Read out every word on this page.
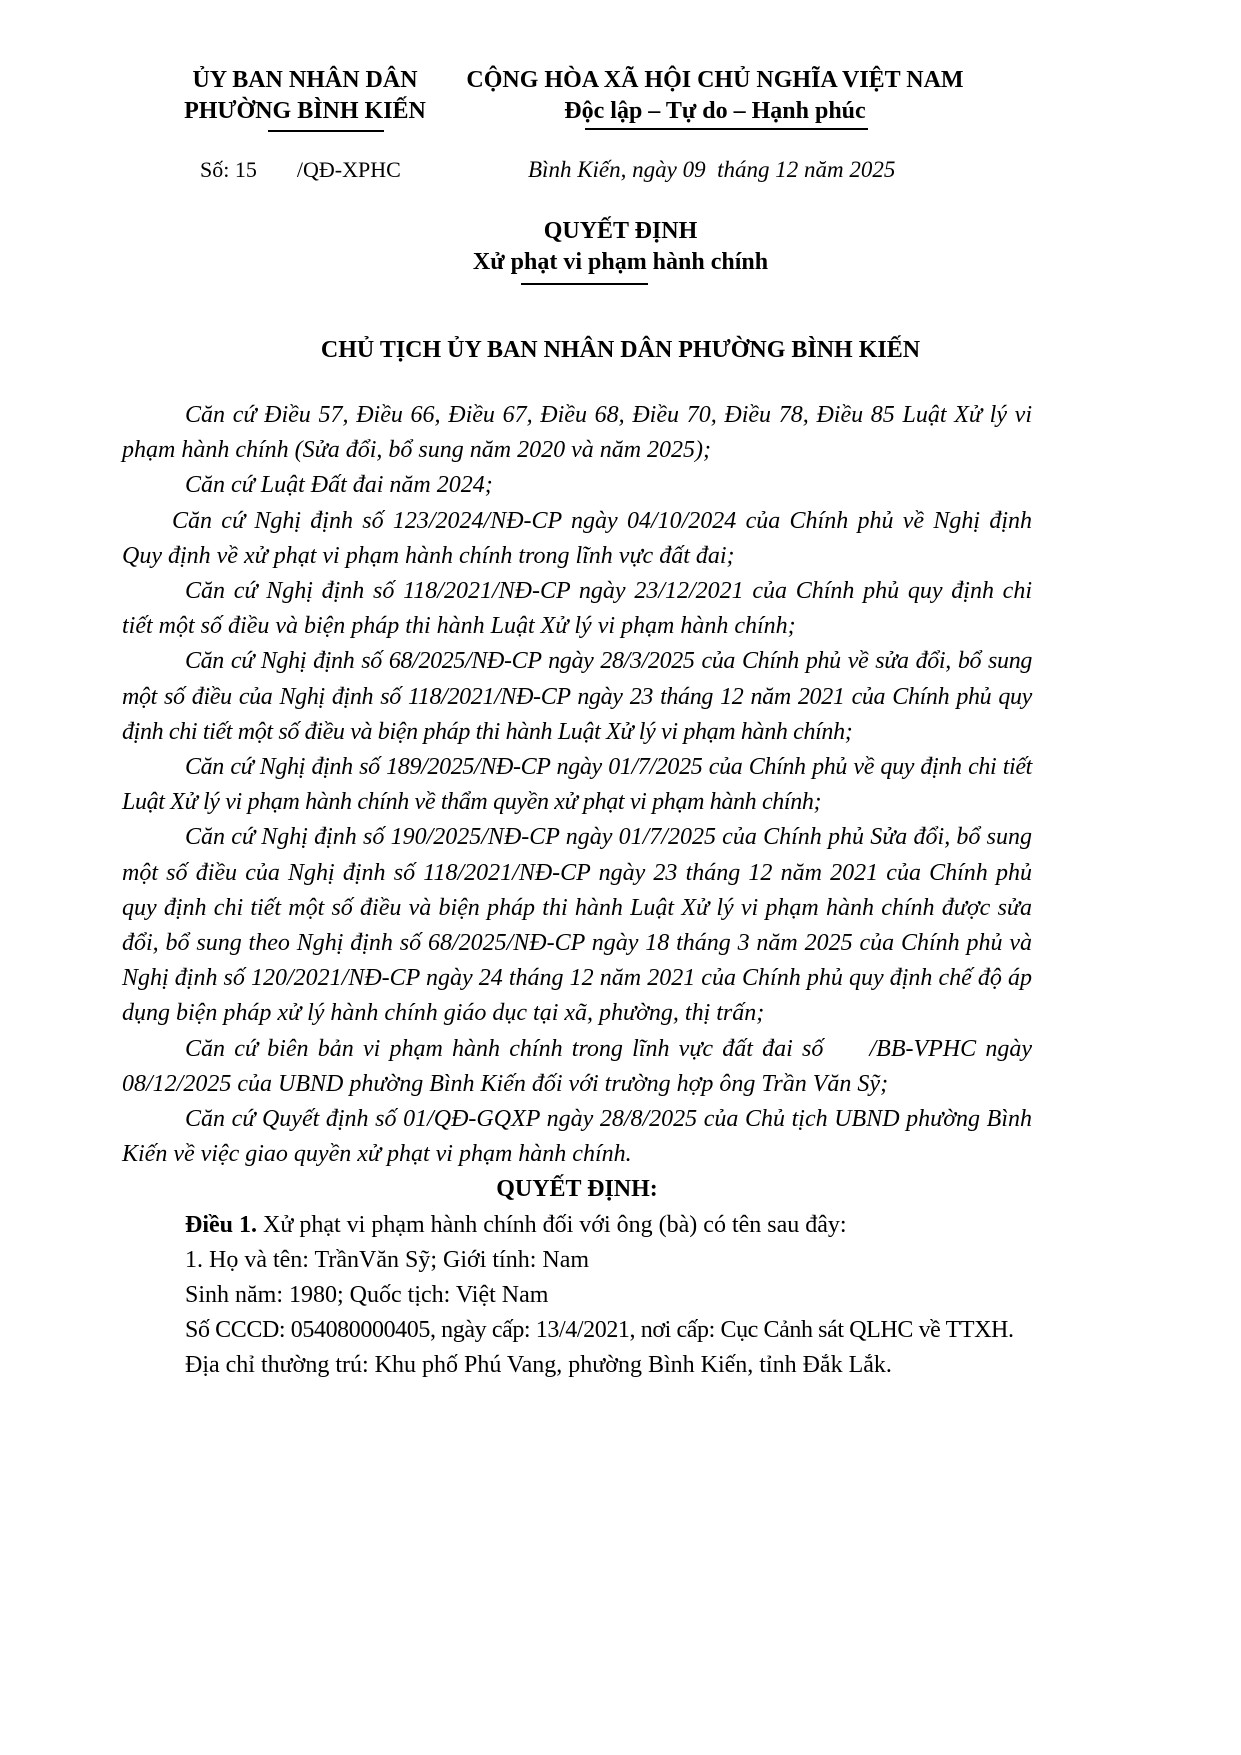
ỦY BAN NHÂN DÂN
PHƯỜNG BÌNH KIẾN
CỘNG HÒA XÃ HỘI CHỦ NGHĨA VIỆT NAM
Độc lập – Tự do – Hạnh phúc
Số: 15 /QĐ-XPHC	Bình Kiến, ngày 09  tháng 12 năm 2025
QUYẾT ĐỊNH
Xử phạt vi phạm hành chính
CHỦ TỊCH ỦY BAN NHÂN DÂN PHƯỜNG BÌNH KIẾN

Căn cứ Điều 57, Điều 66, Điều 67, Điều 68, Điều 70, Điều 78, Điều 85 Luật Xử lý vi phạm hành chính (Sửa đổi, bổ sung năm 2020 và năm 2025);

Căn cứ Luật Đất đai năm 2024;

Căn cứ Nghị định số 123/2024/NĐ-CP ngày 04/10/2024 của Chính phủ về Nghị định Quy định về xử phạt vi phạm hành chính trong lĩnh vực đất đai;

Căn cứ Nghị định số 118/2021/NĐ-CP ngày 23/12/2021 của Chính phủ quy định chi tiết một số điều và biện pháp thi hành Luật Xử lý vi phạm hành chính;

Căn cứ Nghị định số 68/2025/NĐ-CP ngày 28/3/2025 của Chính phủ về sửa đổi, bổ sung một số điều của Nghị định số 118/2021/NĐ-CP ngày 23 tháng 12 năm 2021 của Chính phủ quy định chi tiết một số điều và biện pháp thi hành Luật Xử lý vi phạm hành chính;

Căn cứ Nghị định số 189/2025/NĐ-CP ngày 01/7/2025 của Chính phủ về quy định chi tiết Luật Xử lý vi phạm hành chính về thẩm quyền xử phạt vi phạm hành chính;

Căn cứ Nghị định số 190/2025/NĐ-CP ngày 01/7/2025 của Chính phủ Sửa đổi, bổ sung một số điều của Nghị định số 118/2021/NĐ-CP ngày 23 tháng 12 năm 2021 của Chính phủ quy định chi tiết một số điều và biện pháp thi hành Luật Xử lý vi phạm hành chính được sửa đổi, bổ sung theo Nghị định số 68/2025/NĐ-CP ngày 18 tháng 3 năm 2025 của Chính phủ và Nghị định số 120/2021/NĐ-CP ngày 24 tháng 12 năm 2021 của Chính phủ quy định chế độ áp dụng biện pháp xử lý hành chính giáo dục tại xã, phường, thị trấn;

Căn cứ biên bản vi phạm hành chính trong lĩnh vực đất đai số     /BB-VPHC ngày 08/12/2025 của UBND phường Bình Kiến đối với trường hợp ông Trần Văn Sỹ;

Căn cứ Quyết định số 01/QĐ-GQXP ngày 28/8/2025 của Chủ tịch UBND phường Bình Kiến về việc giao quyền xử phạt vi phạm hành chính.

QUYẾT ĐỊNH:

Điều 1. Xử phạt vi phạm hành chính đối với ông (bà) có tên sau đây:

1. Họ và tên: TrầnVăn Sỹ; Giới tính: Nam

Sinh năm: 1980; Quốc tịch: Việt Nam

Số CCCD: 054080000405, ngày cấp: 13/4/2021, nơi cấp: Cục Cảnh sát QLHC về TTXH.

Địa chỉ thường trú: Khu phố Phú Vang, phường Bình Kiến, tỉnh Đắk Lắk.
